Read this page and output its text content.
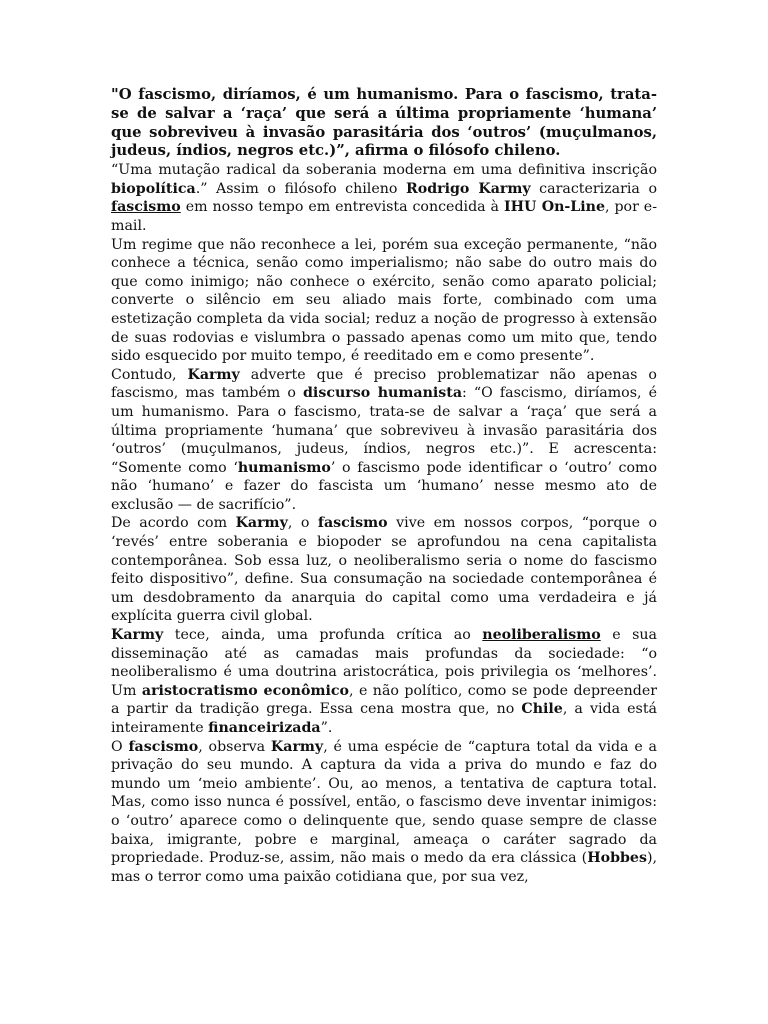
"O fascismo, diríamos, é um humanismo. Para o fascismo, trata-se de salvar a ‘raça’ que será a última propriamente ‘humana’ que sobreviveu à invasão parasitária dos ‘outros’ (muçulmanos, judeus, índios, negros etc.)”, afirma o filósofo chileno.

“Uma mutação radical da soberania moderna em uma definitiva inscrição biopolítica.” Assim o filósofo chileno Rodrigo Karmy caracterizaria o fascismo em nosso tempo em entrevista concedida à IHU On-Line, por e-mail.

Um regime que não reconhece a lei, porém sua exceção permanente, “não conhece a técnica, senão como imperialismo; não sabe do outro mais do que como inimigo; não conhece o exército, senão como aparato policial; converte o silêncio em seu aliado mais forte, combinado com uma estetização completa da vida social; reduz a noção de progresso à extensão de suas rodovias e vislumbra o passado apenas como um mito que, tendo sido esquecido por muito tempo, é reeditado em e como presente”.

Contudo, Karmy adverte que é preciso problematizar não apenas o fascismo, mas também o discurso humanista: “O fascismo, diríamos, é um humanismo. Para o fascismo, trata-se de salvar a ‘raça’ que será a última propriamente ‘humana’ que sobreviveu à invasão parasitária dos ‘outros’ (muçulmanos, judeus, índios, negros etc.)”. E acrescenta: “Somente como ‘humanismo’ o fascismo pode identificar o ‘outro’ como não ‘humano’ e fazer do fascista um ‘humano’ nesse mesmo ato de exclusão — de sacrifício”.

De acordo com Karmy, o fascismo vive em nossos corpos, “porque o ‘revés’ entre soberania e biopoder se aprofundou na cena capitalista contemporânea. Sob essa luz, o neoliberalismo seria o nome do fascismo feito dispositivo”, define. Sua consumação na sociedade contemporânea é um desdobramento da anarquia do capital como uma verdadeira e já explícita guerra civil global.

Karmy tece, ainda, uma profunda crítica ao neoliberalismo e sua disseminação até as camadas mais profundas da sociedade: “o neoliberalismo é uma doutrina aristocrática, pois privilegia os ‘melhores’. Um aristocratismo econômico, e não político, como se pode depreender a partir da tradição grega. Essa cena mostra que, no Chile, a vida está inteiramente financeirizada”.

O fascismo, observa Karmy, é uma espécie de “captura total da vida e a privação do seu mundo. A captura da vida a priva do mundo e faz do mundo um ‘meio ambiente’. Ou, ao menos, a tentativa de captura total. Mas, como isso nunca é possível, então, o fascismo deve inventar inimigos: o ‘outro’ aparece como o delinquente que, sendo quase sempre de classe baixa, imigrante, pobre e marginal, ameaça o caráter sagrado da propriedade. Produz-se, assim, não mais o medo da era clássica (Hobbes), mas o terror como uma paixão cotidiana que, por sua vez,
